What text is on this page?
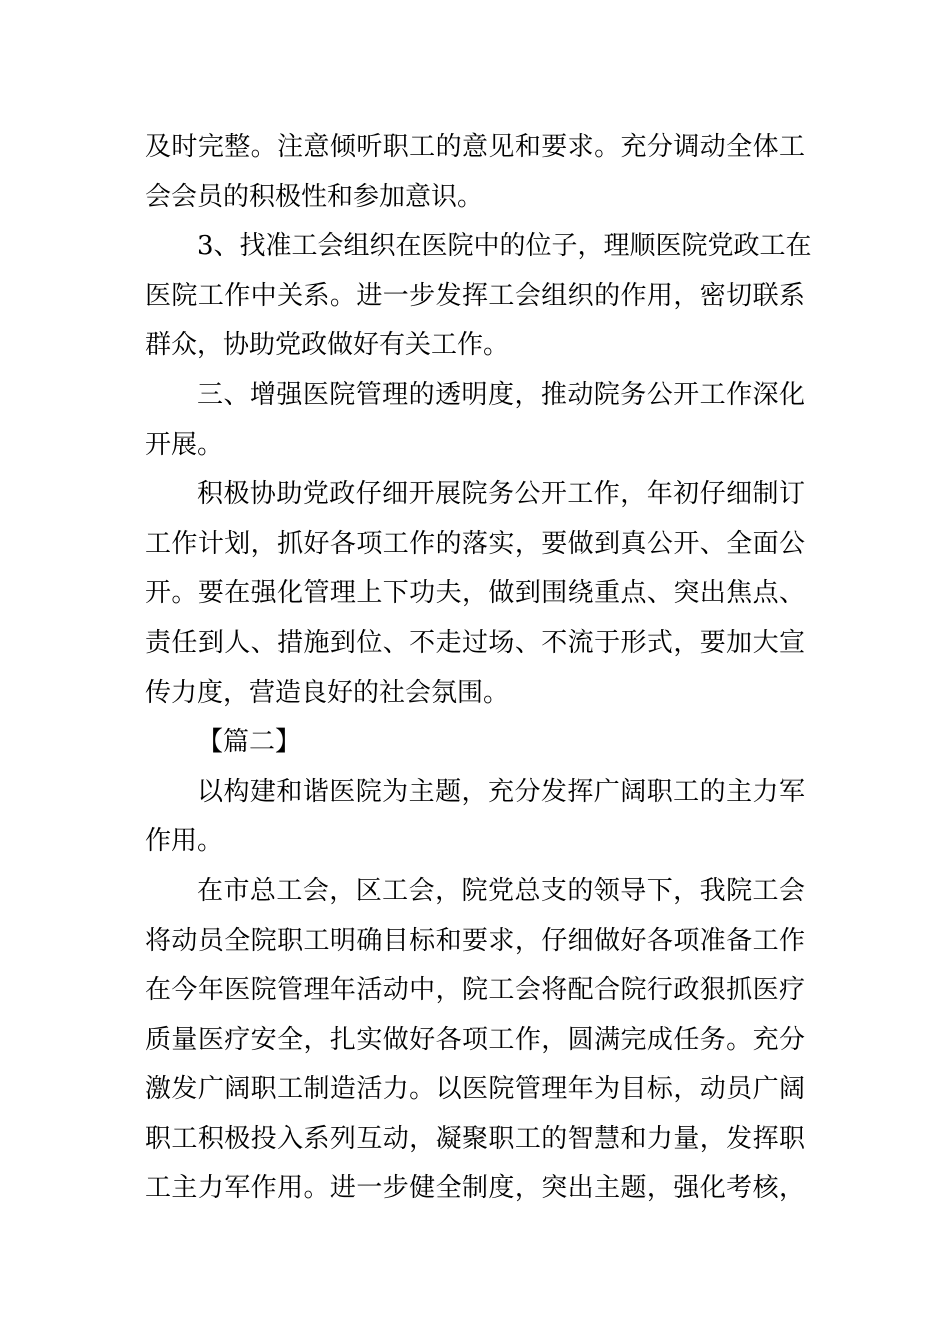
及时完整。注意倾听职工的意见和要求。充分调动全体工
会会员的积极性和参加意识。
3、找准工会组织在医院中的位子，理顺医院党政工在
医院工作中关系。进一步发挥工会组织的作用，密切联系
群众，协助党政做好有关工作。
三、增强医院管理的透明度，推动院务公开工作深化
开展。
积极协助党政仔细开展院务公开工作，年初仔细制订
工作计划，抓好各项工作的落实，要做到真公开、全面公
开。要在强化管理上下功夫，做到围绕重点、突出焦点、
责任到人、措施到位、不走过场、不流于形式，要加大宣
传力度，营造良好的社会氛围。
【篇二】
以构建和谐医院为主题，充分发挥广阔职工的主力军
作用。
在市总工会，区工会，院党总支的领导下，我院工会
将动员全院职工明确目标和要求，仔细做好各项准备工作
在今年医院管理年活动中，院工会将配合院行政狠抓医疗
质量医疗安全，扎实做好各项工作，圆满完成任务。充分
激发广阔职工制造活力。以医院管理年为目标，动员广阔
职工积极投入系列互动，凝聚职工的智慧和力量，发挥职
工主力军作用。进一步健全制度，突出主题，强化考核，
